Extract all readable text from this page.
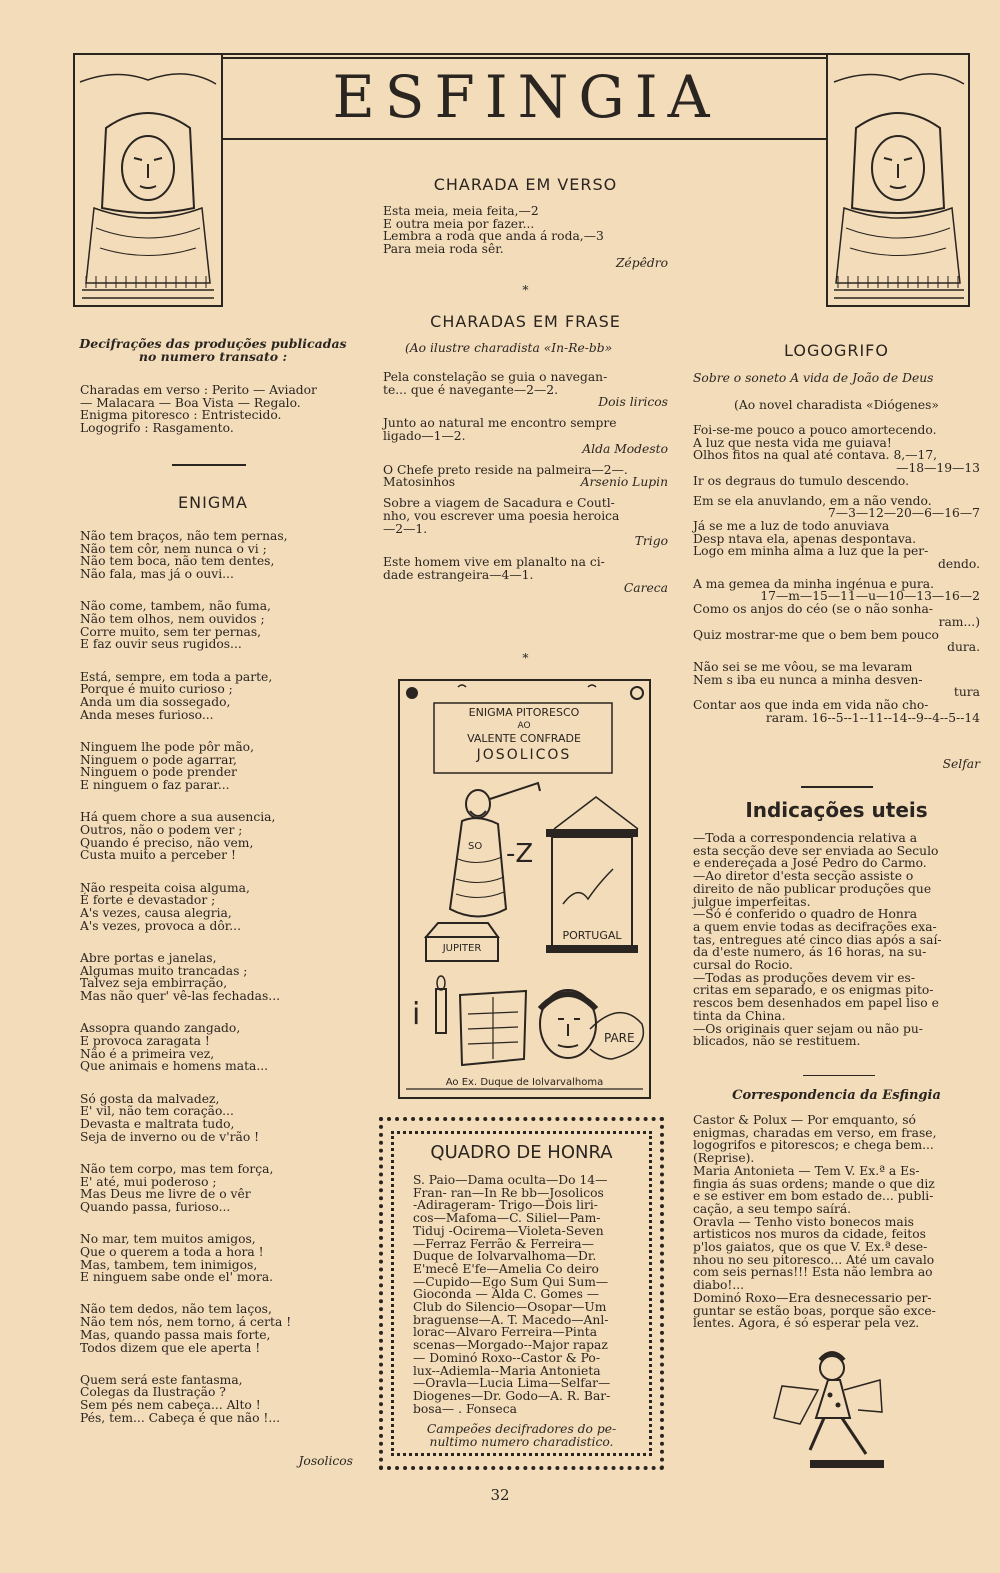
ESFINGIA
CHARADA EM VERSO

Esta meia, meia feita,—2

E outra meia por fazer...

Lembra a roda que anda á roda,—3

Para meia roda sêr.

Zépêdro
*
CHARADAS EM FRASE
(Ao ilustre charadista «In-Re-bb»

Pela constelação se guia o navegan-

te... que é navegante—2—2.

Dois liricos

Junto ao natural me encontro sempre

ligado—1—2.

Alda Modesto

O Chefe preto reside na palmeira—2—.

Matosinhos	Arsenio Lupin

Sobre a viagem de Sacadura e Coutl-

nho, vou escrever uma poesia heroica

—2—1.

Trigo

Este homem vive em planalto na ci-

dade estrangeira—4—1.

Careca
*
Decifrações das produções publicadas
no numero transato :

Charadas em verso : Perito — Aviador

— Malacara — Boa Vista — Regalo.

Enigma pitoresco : Entristecido.

Logogrifo : Rasgamento.

ENIGMA

Não tem braços, não tem pernas,

Não tem côr, nem nunca o vi ;

Não tem boca, não tem dentes,

Não fala, mas já o ouvi...

Não come, tambem, não fuma,

Não tem olhos, nem ouvidos ;

Corre muito, sem ter pernas,

E faz ouvir seus rugidos...

Está, sempre, em toda a parte,

Porque é muito curioso ;

Anda um dia sossegado,

Anda meses furioso...

Ninguem lhe pode pôr mão,

Ninguem o pode agarrar,

Ninguem o pode prender

E ninguem o faz parar...

Há quem chore a sua ausencia,

Outros, não o podem ver ;

Quando é preciso, não vem,

Custa muito a perceber !

Não respeita coisa alguma,

É forte e devastador ;

A's vezes, causa alegria,

A's vezes, provoca a dôr...

Abre portas e janelas,

Algumas muito trancadas ;

Talvez seja embirração,

Mas não quer' vê-las fechadas...

Assopra quando zangado,

E provoca zaragata !

Não é a primeira vez,

Que animais e homens mata...

Só gosta da malvadez,

E' vil, não tem coração...

Devasta e maltrata tudo,

Seja de inverno ou de v'rão !

Não tem corpo, mas tem força,

E' até, mui poderoso ;

Mas Deus me livre de o vêr

Quando passa, furioso...

No mar, tem muitos amigos,

Que o querem a toda a hora !

Mas, tambem, tem inimigos,

E ninguem sabe onde el' mora.

Não tem dedos, não tem laços,

Não tem nós, nem torno, á certa !

Mas, quando passa mais forte,

Todos dizem que ele aperta !

Quem será este fantasma,

Colegas da Ilustração ?

Sem pés nem cabeça... Alto !

Pés, tem... Cabeça é que não !...

Josolicos
ENIGMA PITORESCO
AO
VALENTE CONFRADE
JOSOLICOS
SO -Z
JUPITER
PORTUGAL
i
PARE
Ao Ex. Duque de Iolvarvalhoma
QUADRO DE HONRA

S. Paio—Dama oculta—Do 14—

Fran- ran—In Re bb—Josolicos

-Adirageram- Trigo—Dois liri-

cos—Mafoma—C. Siliel—Pam-

Tiduj -Ocirema—Violeta-Seven

—Ferraz Ferrão & Ferreira—

Duque de Iolvarvalhoma—Dr.

E'mecê E'fe—Amelia Co deiro

—Cupido—Ego Sum Qui Sum—

Gioconda — Alda C. Gomes —

Club do Silencio—Osopar—Um

braguense—A. T. Macedo—Anl-

lorac—Alvaro Ferreira—Pinta

scenas—Morgado--Major rapaz

— Dominó Roxo--Castor & Po-

lux--Adiemla--Maria Antonieta

—Oravla—Lucia Lima—Selfar—

Diogenes—Dr. Godo—A. R. Bar-

bosa— . Fonseca

Campeões decifradores do pe-
nultimo numero charadistico.
LOGOGRIFO
Sobre o soneto A vida de João de Deus
(Ao novel charadista «Diógenes»

Foi-se-me pouco a pouco amortecendo.

A luz que nesta vida me guiava!

Olhos fitos na qual até contava. 8,—17,

—18—19—13

Ir os degraus do tumulo descendo.

Em se ela anuvlando, em a não vendo.

7—3—12—20—6—16—7

Já se me a luz de todo anuviava

Desp ntava ela, apenas despontava.

Logo em minha alma a luz que la per-

dendo.

A ma gemea da minha ingénua e pura.

17—m—15—11—u—10—13—16—2

Como os anjos do céo (se o não sonha-

ram...)

Quiz mostrar-me que o bem bem pouco

dura.

Não sei se me vôou, se ma levaram

Nem s iba eu nunca a minha desven-

tura

Contar aos que inda em vida não cho-

raram. 16--5--1--11--14--9--4--5--14

Selfar
Indicações uteis

—Toda a correspondencia relativa a

esta secção deve ser enviada ao Seculo

e endereçada a José Pedro do Carmo.

—Ao diretor d'esta secção assiste o

direito de não publicar produções que

julgue imperfeitas.

—Só é conferido o quadro de Honra

a quem envie todas as decifrações exa-

tas, entregues até cinco dias após a saí-

da d'este numero, ás 16 horas, na su-

cursal do Rocio.

—Todas as produções devem vir es-

critas em separado, e os enigmas pito-

rescos bem desenhados em papel liso e

tinta da China.

—Os originais quer sejam ou não pu-

blicados, não se restituem.

Correspondencia da Esfingia

Castor & Polux — Por emquanto, só

enigmas, charadas em verso, em frase,

logogrifos e pitorescos; e chega bem...

(Reprise).

Maria Antonieta — Tem V. Ex.ª a Es-

fingia ás suas ordens; mande o que diz

e se estiver em bom estado de... publi-

cação, a seu tempo saírá.

Oravla — Tenho visto bonecos mais

artisticos nos muros da cidade, feitos

p'los gaiatos, que os que V. Ex.ª dese-

nhou no seu pitoresco... Até um cavalo

com seis pernas!!! Esta não lembra ao

diabo!...

Dominó Roxo—Era desnecessario per-

guntar se estão boas, porque são exce-

lentes. Agora, é só esperar pela vez.

32
